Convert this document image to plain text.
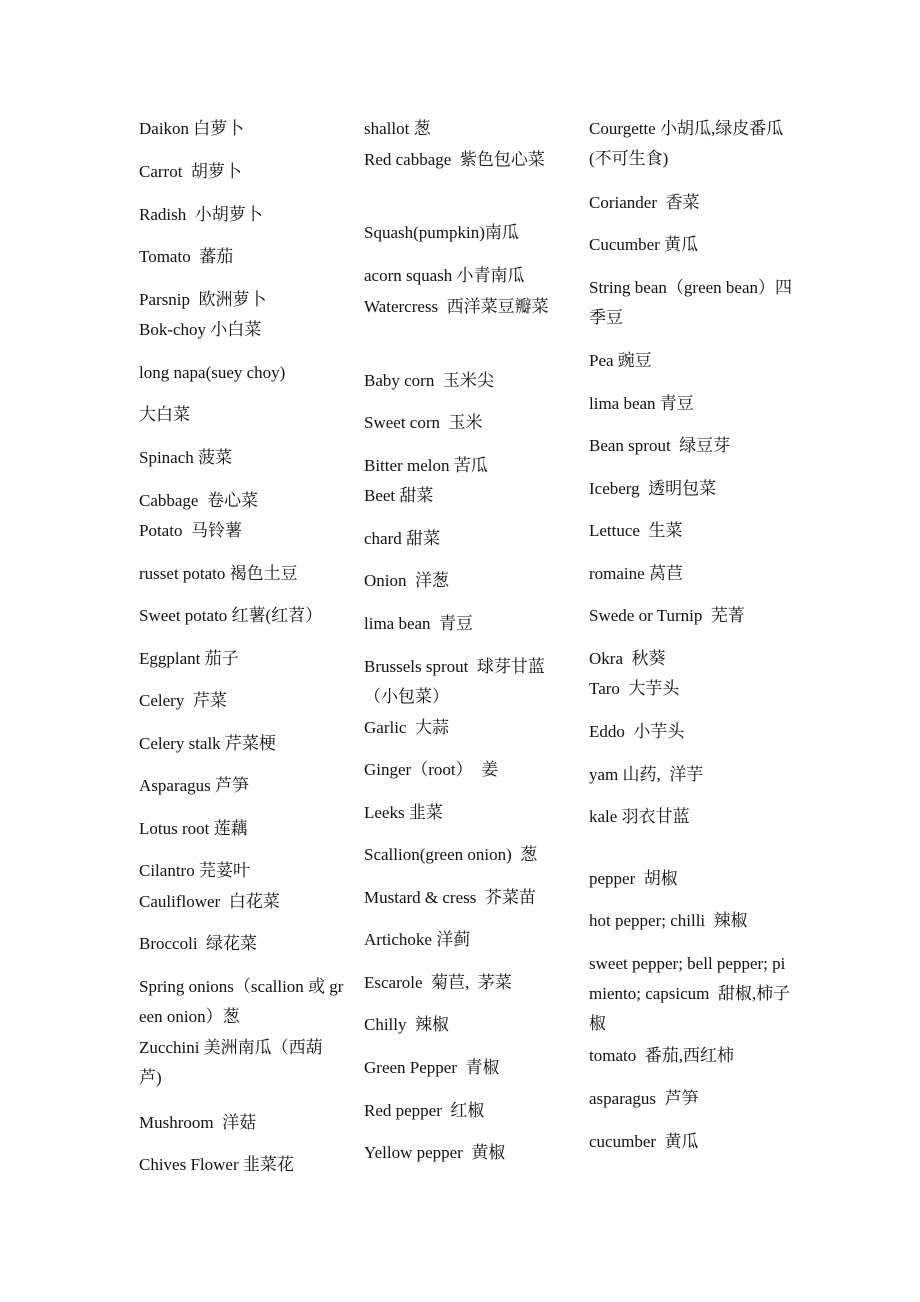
Daikon 白萝卜
Carrot  胡萝卜
Radish  小胡萝卜
Tomato  蕃茄
Parsnip  欧洲萝卜
Bok-choy 小白菜
long napa(suey choy)
大白菜
Spinach 菠菜
Cabbage  卷心菜
Potato  马铃薯
russet potato 褐色土豆
Sweet potato 红薯(红苕）
Eggplant 茄子
Celery  芹菜
Celery stalk 芹菜梗
Asparagus 芦笋
Lotus root 莲藕
Cilantro 芫荽叶
Cauliflower  白花菜
Broccoli  绿花菜
Spring onions（scallion 或 green onion）葱
Zucchini 美洲南瓜（西葫芦)
Mushroom  洋菇
Chives Flower 韭菜花
shallot 葱
Red cabbage  紫色包心菜
Squash(pumpkin)南瓜
acorn squash 小青南瓜
Watercress  西洋菜豆瓣菜
Baby corn  玉米尖
Sweet corn  玉米
Bitter melon 苦瓜
Beet 甜菜
chard 甜菜
Onion  洋葱
lima bean  青豆
Brussels sprout  球芽甘蓝（小包菜）
Garlic  大蒜
Ginger（root）  姜
Leeks 韭菜
Scallion(green onion)  葱
Mustard & cress  芥菜苗
Artichoke 洋蓟
Escarole  菊苣,  茅菜
Chilly  辣椒
Green Pepper  青椒
Red pepper  红椒
Yellow pepper  黄椒
Courgette 小胡瓜,绿皮番瓜(不可生食)
Coriander  香菜
Cucumber 黄瓜
String bean（green bean）四季豆
Pea 豌豆
lima bean 青豆
Bean sprout  绿豆芽
Iceberg  透明包菜
Lettuce  生菜
romaine 莴苣
Swede or Turnip  芜菁
Okra  秋葵
Taro  大芋头
Eddo  小芋头
yam 山药,  洋芋
kale 羽衣甘蓝
pepper  胡椒
hot pepper; chilli  辣椒
sweet pepper; bell pepper; pimiento; capsicum  甜椒,柿子椒
tomato  番茄,西红柿
asparagus  芦笋
cucumber  黄瓜
